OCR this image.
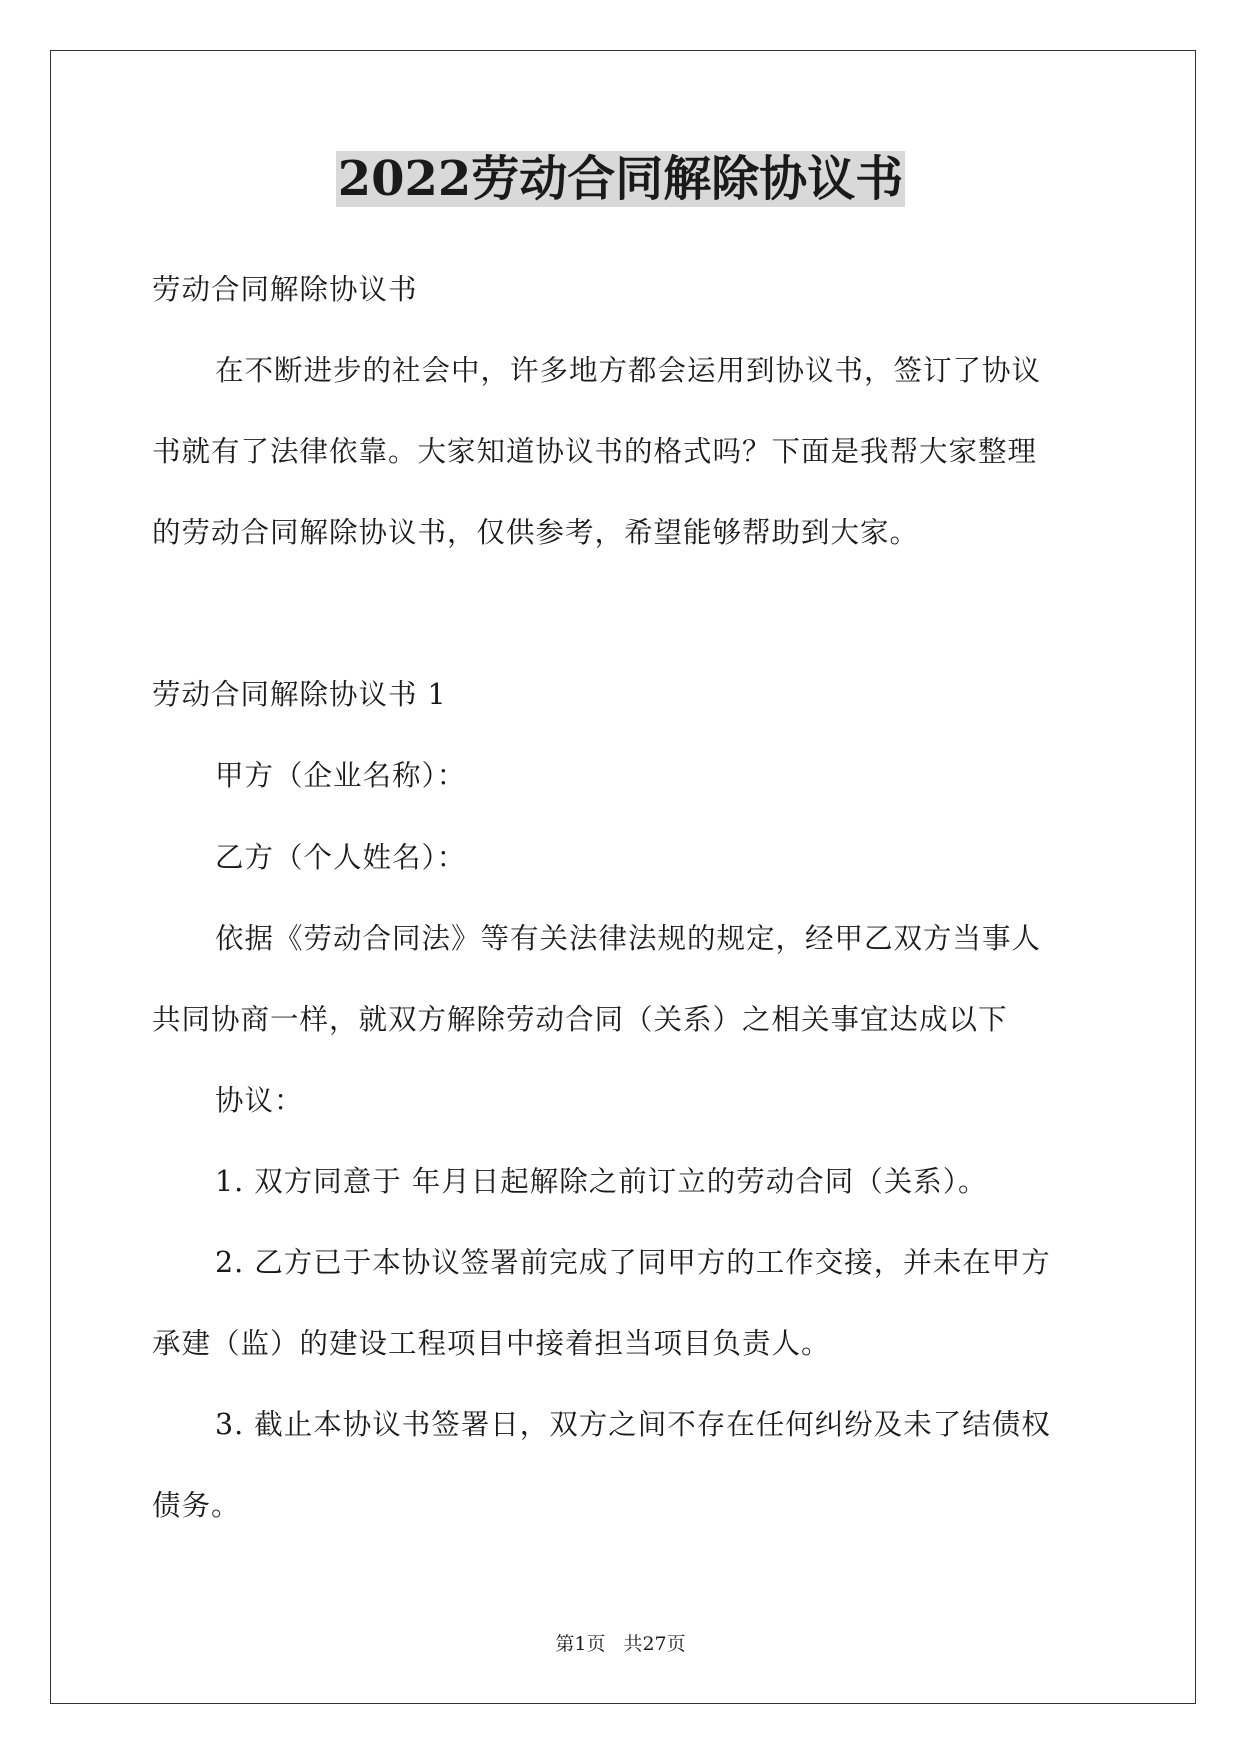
2022劳动合同解除协议书
劳动合同解除协议书
在不断进步的社会中，许多地方都会运用到协议书，签订了协议
书就有了法律依靠。大家知道协议书的格式吗？下面是我帮大家整理
的劳动合同解除协议书，仅供参考，希望能够帮助到大家。
劳动合同解除协议书 1
甲方（企业名称）：
乙方（个人姓名）：
依据《劳动合同法》等有关法律法规的规定，经甲乙双方当事人
共同协商一样，就双方解除劳动合同（关系）之相关事宜达成以下
协议：
1. 双方同意于 年月日起解除之前订立的劳动合同（关系）。
2. 乙方已于本协议签署前完成了同甲方的工作交接，并未在甲方
承建（监）的建设工程项目中接着担当项目负责人。
3. 截止本协议书签署日，双方之间不存在任何纠纷及未了结债权
债务。
第1页 共27页
